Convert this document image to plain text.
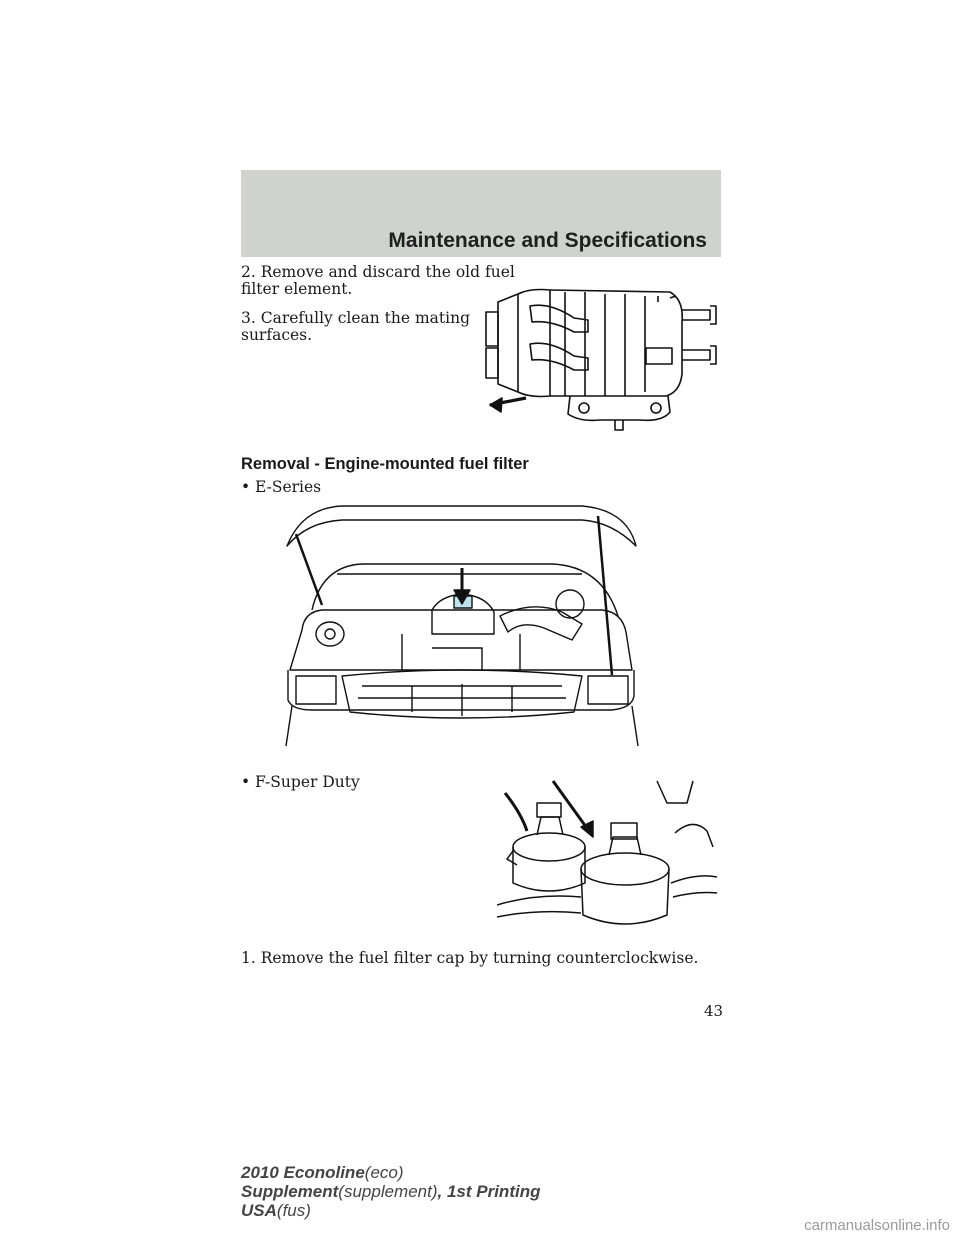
Maintenance and Specifications

2. Remove and discard the old fuel
filter element.

3. Carefully clean the mating
surfaces.

Removal - Engine-mounted fuel filter
• E-Series
• F-Super Duty

1. Remove the fuel filter cap by turning counterclockwise.

43
2010 Econoline(eco)
Supplement(supplement), 1st Printing
USA(fus)
carmanualsonline.info
